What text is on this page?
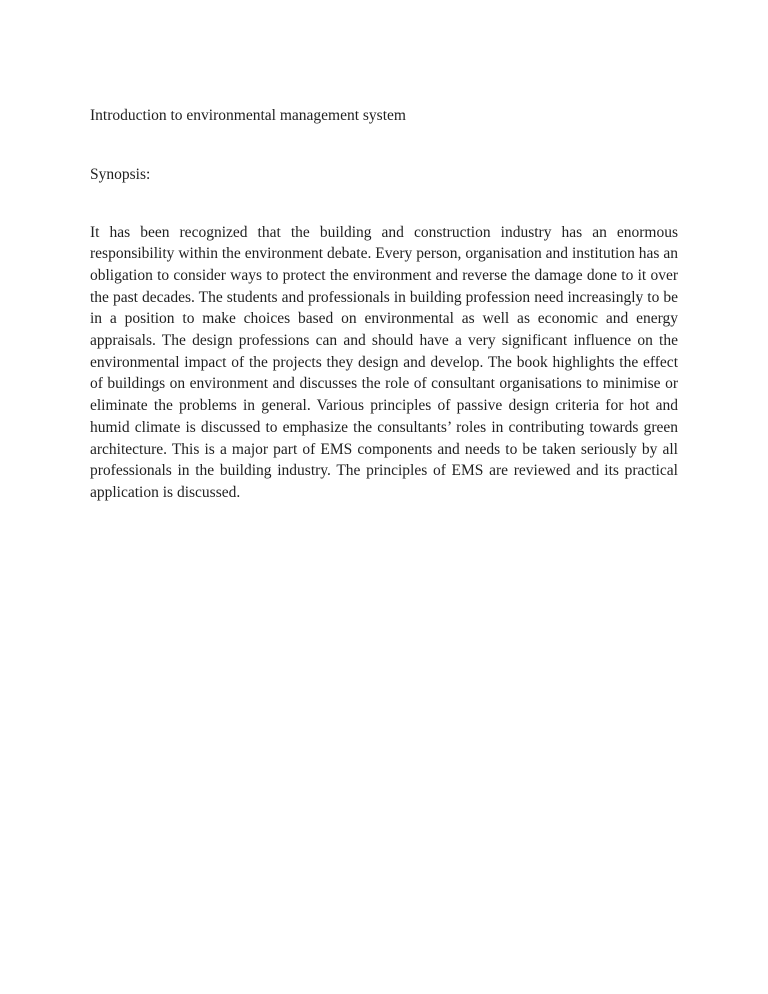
Introduction to environmental management system

Synopsis:

It has been recognized that the building and construction industry has an enormous responsibility within the environment debate. Every person, organisation and institution has an obligation to consider ways to protect the environment and reverse the damage done to it over the past decades. The students and professionals in building profession need increasingly to be in a position to make choices based on environmental as well as economic and energy appraisals. The design professions can and should have a very significant influence on the environmental impact of the projects they design and develop. The book highlights the effect of buildings on environment and discusses the role of consultant organisations to minimise or eliminate the problems in general. Various principles of passive design criteria for hot and humid climate is discussed to emphasize the consultants’ roles in contributing towards green architecture. This is a major part of EMS components and needs to be taken seriously by all professionals in the building industry. The principles of EMS are reviewed and its practical application is discussed.
